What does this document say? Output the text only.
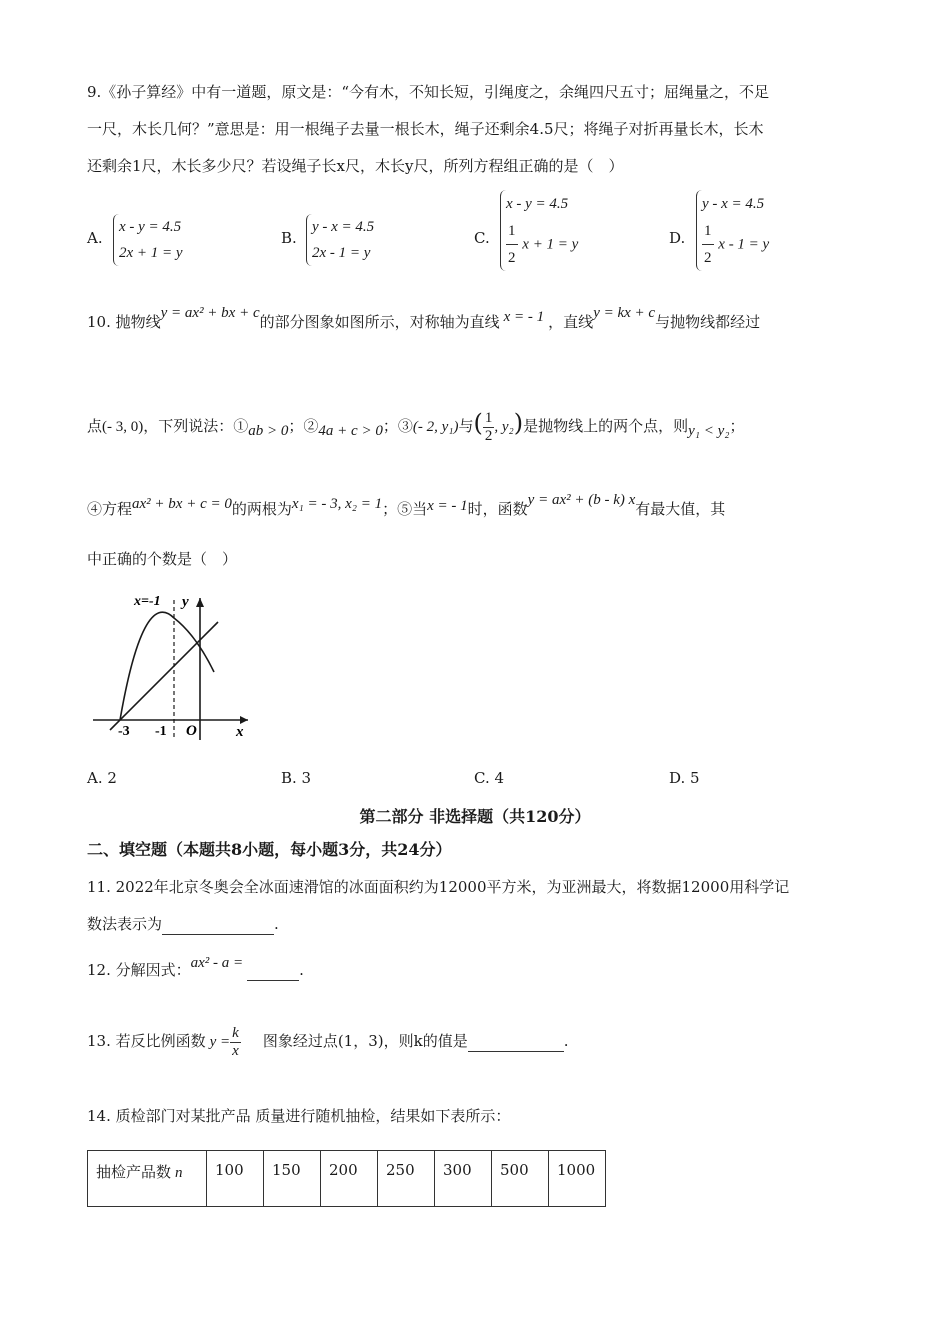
9.《孙子算经》中有一道题，原文是：“今有木，不知长短，引绳度之，余绳四尺五寸；屈绳量之，不足
一尺，木长几何？”意思是：用一根绳子去量一根长木，绳子还剩余4.5尺；将绳子对折再量长木，长木
还剩余1尺，木长多少尺？若设绳子长x尺，木长y尺，所列方程组正确的是（　）
A.
x - y = 4.5
2x + 1 = y
B.
y - x = 4.5
2x - 1 = y
C.
x - y = 4.5
$\frac{1}{2}$ x + 1 = y	D.
y - x = 4.5
$\frac{1}{2}$ x - 1 = y
10. 抛物线y = ax² + bx + c的部分图象如图所示，对称轴为直线 x = - 1 ，直线y = kx + c与抛物线都经过
点(- 3, 0)，下列说法：①ab > 0；②4a + c > 0；③(- 2, y₁)与( $\frac{1}{2}$ , y₂)是抛物线上的两个点，则y₁ < y₂；
④方程ax² + bx + c = 0的两根为x₁ = - 3, x₂ = 1；⑤当x = - 1时，函数y = ax² + (b - k) x有最大值，其
中正确的个数是（　）
x=-1 y
x
-3 -1 O
A. 2	B. 3	C. 4	D. 5
第二部分 非选择题（共120分）
二、填空题（本题共8小题，每小题3分，共24分）
11. 2022年北京冬奥会全冰面速滑馆的冰面面积约为12000平方米，为亚洲最大，将数据12000用科学记
数法表示为	.
12. 分解因式：ax² - a =	.
13. 若反比例函数 $y = \frac{k}{x}$ 图象经过点(1，3)，则k的值是	.
14. 质检部门对某批产品 质量进行随机抽检，结果如下表所示：
抽检产品数 n	100	150	200	250	300	500	1000
